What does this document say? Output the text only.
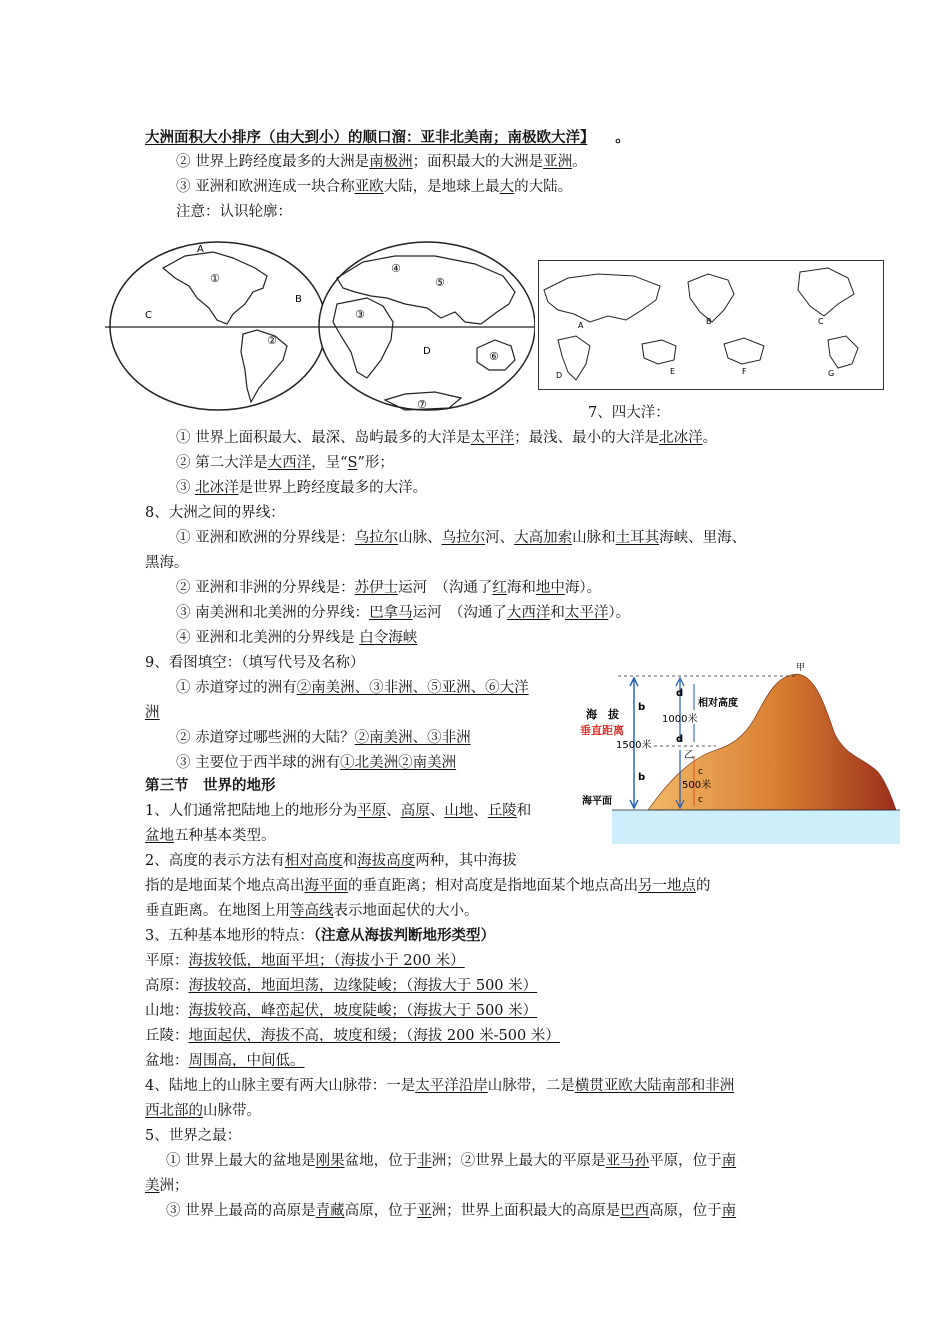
大洲面积大小排序（由大到小）的顺口溜：亚非北美南；南极欧大洋】 。
② 世界上跨经度最多的大洲是南极洲；面积最大的大洲是亚洲。
③ 亚洲和欧洲连成一块合称亚欧大陆，是地球上最大的大陆。
注意：认识轮廓：
A
①
B
C
②
④
⑤
③
D	⑥
⑦
A	B	C
D	E	F	G
7、四大洋：
① 世界上面积最大、最深、岛屿最多的大洋是太平洋；最浅、最小的大洋是北冰洋。
② 第二大洋是大西洋，呈“S”形；
③ 北冰洋是世界上跨经度最多的大洋。
8、大洲之间的界线：
① 亚洲和欧洲的分界线是：乌拉尔山脉、乌拉尔河、大高加索山脉和土耳其海峡、里海、
黑海。
② 亚洲和非洲的分界线是：苏伊士运河　（沟通了红海和地中海）。
③ 南美洲和北美洲的分界线：巴拿马运河　（沟通了大西洋和太平洋）。
④ 亚洲和北美洲的分界线是 白令海峡
9、看图填空：（填写代号及名称）
① 赤道穿过的洲有②南美洲、③非洲、⑤亚洲、⑥大洋
洲
② 赤道穿过哪些洲的大陆？②南美洲、③非洲
③ 主要位于西半球的洲有①北美洲②南美洲
甲
海　拔
垂直距离
1500米
1000米
相对高度
b
b
d
d
乙
c
500米
c
海平面
第三节　世界的地形
1、人们通常把陆地上的地形分为平原、高原、山地、丘陵和
盆地五种基本类型。
2、高度的表示方法有相对高度和海拔高度两种，其中海拔
指的是地面某个地点高出海平面的垂直距离；相对高度是指地面某个地点高出另一地点的
垂直距离。在地图上用等高线表示地面起伏的大小。
3、五种基本地形的特点：（注意从海拔判断地形类型）
平原：海拔较低，地面平坦；（海拔小于 200 米）
高原：海拔较高，地面坦荡，边缘陡峻；（海拔大于 500 米）
山地：海拔较高，峰峦起伏，坡度陡峻；（海拔大于 500 米）
丘陵：地面起伏，海拔不高，坡度和缓；（海拔 200 米-500 米）
盆地：周围高，中间低。
4、陆地上的山脉主要有两大山脉带：一是太平洋沿岸山脉带，二是横贯亚欧大陆南部和非洲
西北部的山脉带。
5、世界之最：
① 世界上最大的盆地是刚果盆地，位于非洲；②世界上最大的平原是亚马孙平原，位于南
美洲；
③ 世界上最高的高原是青藏高原，位于亚洲；世界上面积最大的高原是巴西高原，位于南
